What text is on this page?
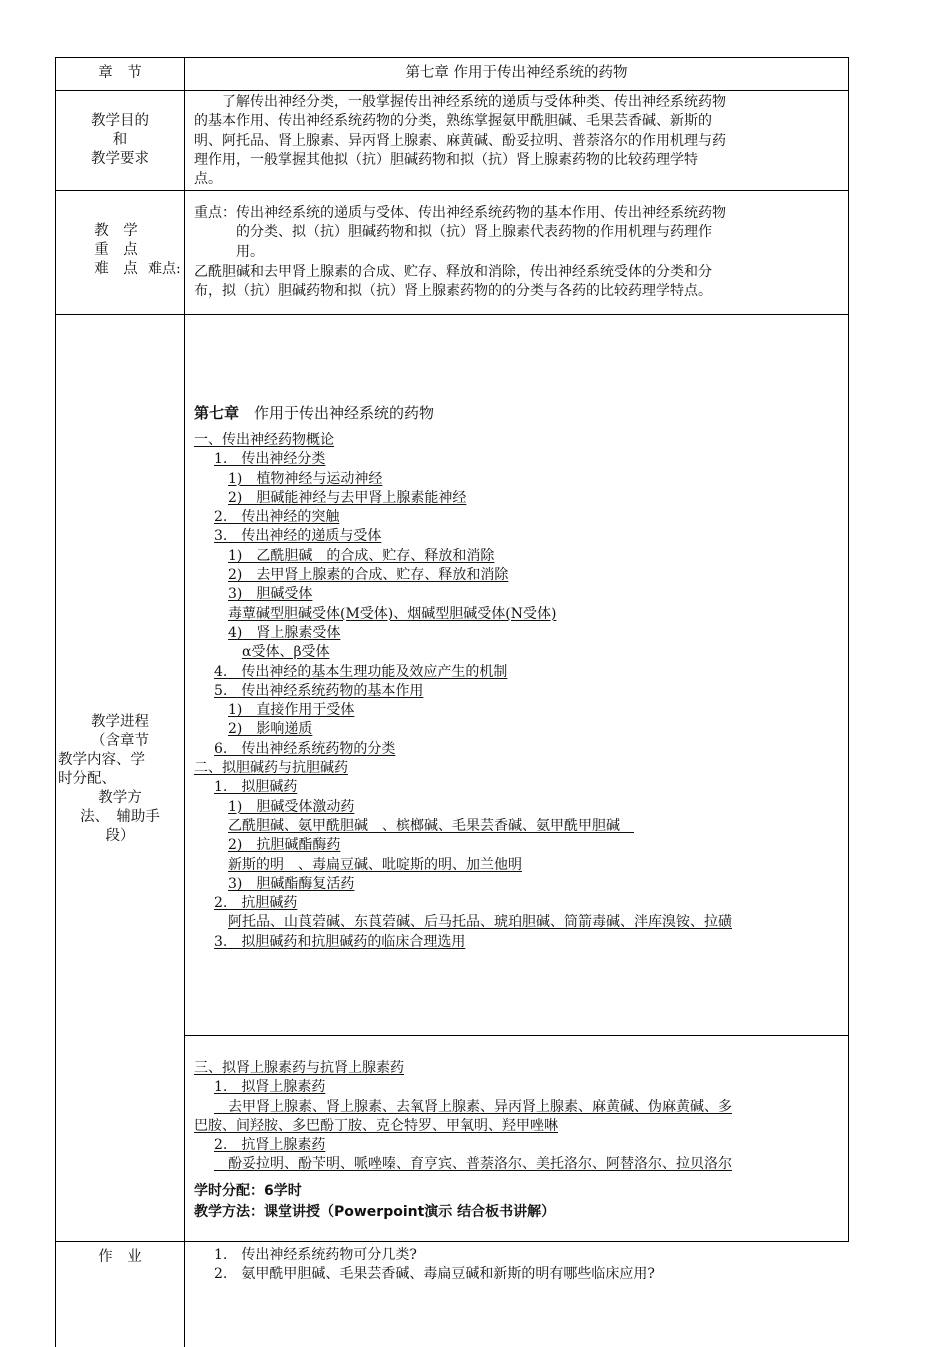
章　节	第七章 作用于传出神经系统的药物
教学目的
和
教学要求
　　了解传出神经分类，一般掌握传出神经系统的递质与受体种类、传出神经系统药物
的基本作用、传出神经系统药物的分类，熟练掌握氨甲酰胆碱、毛果芸香碱、新斯的
明、阿托品、肾上腺素、异丙肾上腺素、麻黄碱、酚妥拉明、普萘洛尔的作用机理与药
理作用，一般掌握其他拟（抗）胆碱药物和拟（抗）肾上腺素药物的比较药理学特
点。
教　学
重　点
难　点 难点:
重点：传出神经系统的递质与受体、传出神经系统药物的基本作用、传出神经系统药物
　　　的分类、拟（抗）胆碱药物和拟（抗）肾上腺素代表药物的作用机理与药理作
　　　用。
乙酰胆碱和去甲肾上腺素的合成、贮存、释放和消除，传出神经系统受体的分类和分
布，拟（抗）胆碱药物和拟（抗）肾上腺素药物的的分类与各药的比较药理学特点。
教学进程
（含章节
教学内容、学
时分配、
教学方
法、　辅助手
段）
第七章　作用于传出神经系统的药物
一、传出神经药物概论
1.　传出神经分类
1)　植物神经与运动神经
2)　胆碱能神经与去甲肾上腺素能神经
2.　传出神经的突触
3.　传出神经的递质与受体
1)　乙酰胆碱　的合成、贮存、释放和消除
2)　去甲肾上腺素的合成、贮存、释放和消除
3)　胆碱受体
毒蕈碱型胆碱受体(M受体)、烟碱型胆碱受体(N受体)
4)　肾上腺素受体
α受体、β受体
4.　传出神经的基本生理功能及效应产生的机制
5.　传出神经系统药物的基本作用
1)　直接作用于受体
2)　影响递质
6.　传出神经系统药物的分类
二、拟胆碱药与抗胆碱药
1.　拟胆碱药
1)　胆碱受体激动药
乙酰胆碱、氨甲酰胆碱　、槟榔碱、毛果芸香碱、氨甲酰甲胆碱　
2)　抗胆碱酯酶药
新斯的明　、毒扁豆碱、吡啶斯的明、加兰他明
3)　胆碱酯酶复活药
2.　抗胆碱药
阿托品、山莨菪碱、东莨菪碱、后马托品、琥珀胆碱、筒箭毒碱、泮库溴铵、拉磺
3.　拟胆碱药和抗胆碱药的临床合理选用
三、拟肾上腺素药与抗肾上腺素药
1.　拟肾上腺素药
　去甲肾上腺素、肾上腺素、去氧肾上腺素、异丙肾上腺素、麻黄碱、伪麻黄碱、多
巴胺、间羟胺、多巴酚丁胺、克仑特罗、甲氧明、羟甲唑啉
2.　抗肾上腺素药
　酚妥拉明、酚苄明、哌唑嗪、育亨宾、普萘洛尔、美托洛尔、阿替洛尔、拉贝洛尔
学时分配：6学时
教学方法：课堂讲授（Powerpoint演示 结合板书讲解）
作　业	1.　传出神经系统药物可分几类?
2.　氨甲酰甲胆碱、毛果芸香碱、毒扁豆碱和新斯的明有哪些临床应用?
